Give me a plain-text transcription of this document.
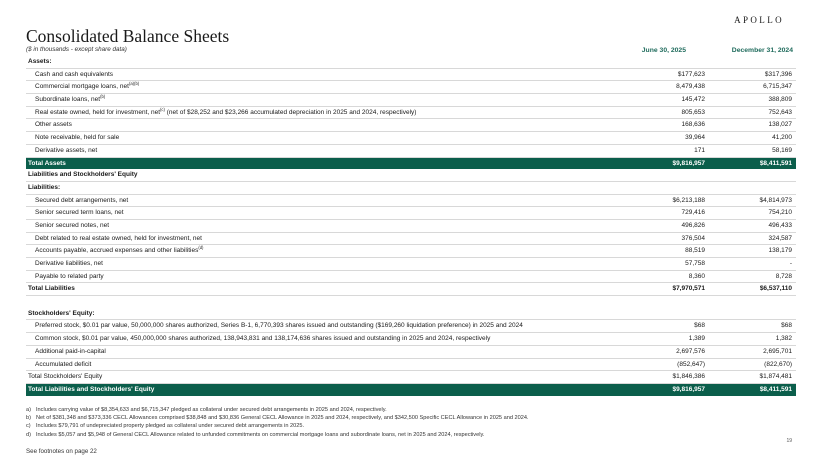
APOLLO
Consolidated Balance Sheets
($ in thousands - except share data)	June 30, 2025	December 31, 2024
Assets:
Cash and cash equivalents	$177,623	$317,396
Commercial mortgage loans, net$^{(a)(b)}$	8,479,438	6,715,347
Subordinate loans, net$^{(b)}$	145,472	388,809
Real estate owned, held for investment, net$^{(c)}$ (net of $28,252 and $23,266 accumulated depreciation in 2025 and 2024, respectively)	805,653	752,643
Other assets	168,636	138,027
Note receivable, held for sale	39,964	41,200
Derivative assets, net	171	58,169
Total Assets	$9,816,957	$8,411,591
Liabilities and Stockholders' Equity
Liabilities:
Secured debt arrangements, net	$6,213,188	$4,814,973
Senior secured term loans, net	729,416	754,210
Senior secured notes, net	496,826	496,433
Debt related to real estate owned, held for investment, net	376,504	324,587
Accounts payable, accrued expenses and other liabilities$^{(d)}$	88,519	138,179
Derivative liabilities, net	57,758	-
Payable to related party	8,360	8,728
Total Liabilities	$7,970,571	$6,537,110
Stockholders' Equity:
Preferred stock, $0.01 par value, 50,000,000 shares authorized, Series B-1, 6,770,393 shares issued and outstanding ($169,260 liquidation preference) in 2025 and 2024	$68	$68
Common stock, $0.01 par value, 450,000,000 shares authorized, 138,943,831 and 138,174,636 shares issued and outstanding in 2025 and 2024, respectively	1,389	1,382
Additional paid-in-capital	2,697,576	2,695,701
Accumulated deficit	(852,647)	(822,670)
Total Stockholders' Equity	$1,846,386	$1,874,481
Total Liabilities and Stockholders' Equity	$9,816,957	$8,411,591
a) Includes carrying value of $8,354,633 and $6,715,347 pledged as collateral under secured debt arrangements in 2025 and 2024, respectively.
b) Net of $381,348 and $373,336 CECL Allowances comprised $38,848 and $30,836 General CECL Allowance in 2025 and 2024, respectively, and $342,500 Specific CECL Allowance in 2025 and 2024.
c) Includes $79,791 of undepreciated property pledged as collateral under secured debt arrangements in 2025.
d) Includes $5,057 and $5,948 of General CECL Allowance related to unfunded commitments on commercial mortgage loans and subordinate loans, net in 2025 and 2024, respectively.
See footnotes on page 22
19
